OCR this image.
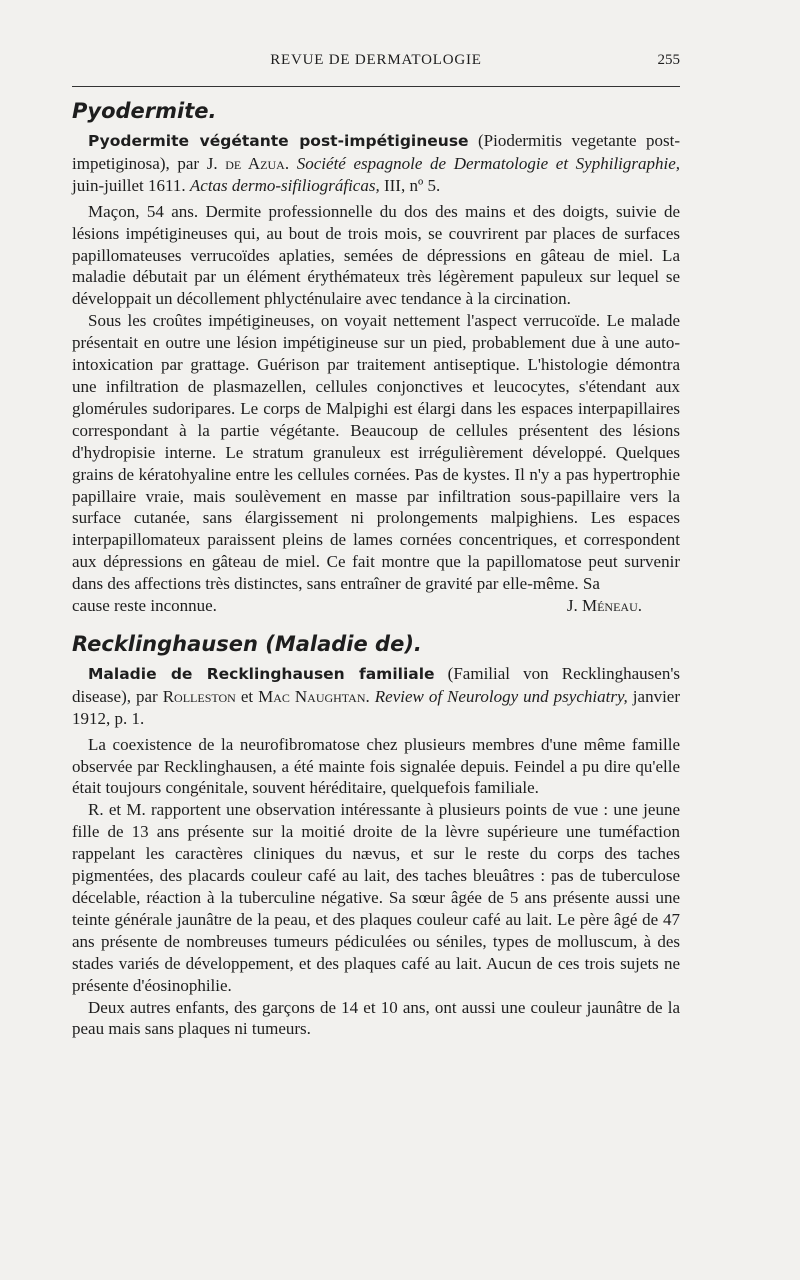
REVUE DE DERMATOLOGIE	255
Pyodermite.

Pyodermite végétante post-impétigineuse (Piodermitis vegetante post-impetiginosa), par J. de Azua. Société espagnole de Dermatologie et Syphiligraphie, juin-juillet 1611. Actas dermo-sifiliográficas, III, nº 5.

Maçon, 54 ans. Dermite professionnelle du dos des mains et des doigts, suivie de lésions impétigineuses qui, au bout de trois mois, se couvrirent par places de surfaces papillomateuses verrucoïdes aplaties, semées de dépressions en gâteau de miel. La maladie débutait par un élément érythémateux très légèrement papuleux sur lequel se développait un décollement phlycténulaire avec tendance à la circination.

Sous les croûtes impétigineuses, on voyait nettement l'aspect verrucoïde. Le malade présentait en outre une lésion impétigineuse sur un pied, probablement due à une auto-intoxication par grattage. Guérison par traitement antiseptique. L'histologie démontra une infiltration de plasmazellen, cellules conjonctives et leucocytes, s'étendant aux glomérules sudoripares. Le corps de Malpighi est élargi dans les espaces interpapillaires correspondant à la partie végétante. Beaucoup de cellules présentent des lésions d'hydropisie interne. Le stratum granuleux est irrégulièrement développé. Quelques grains de kératohyaline entre les cellules cornées. Pas de kystes. Il n'y a pas hypertrophie papillaire vraie, mais soulèvement en masse par infiltration sous-papillaire vers la surface cutanée, sans élargissement ni prolongements malpighiens. Les espaces interpapillomateux paraissent pleins de lames cornées concentriques, et correspondent aux dépressions en gâteau de miel. Ce fait montre que la papillomatose peut survenir dans des affections très distinctes, sans entraîner de gravité par elle-même. Sa

cause reste inconnue.	J. Méneau.
Recklinghausen (Maladie de).

Maladie de Recklinghausen familiale (Familial von Recklinghausen's disease), par Rolleston et Mac Naughtan. Review of Neurology und psychiatry, janvier 1912, p. 1.

La coexistence de la neurofibromatose chez plusieurs membres d'une même famille observée par Recklinghausen, a été mainte fois signalée depuis. Feindel a pu dire qu'elle était toujours congénitale, souvent héréditaire, quelquefois familiale.

R. et M. rapportent une observation intéressante à plusieurs points de vue : une jeune fille de 13 ans présente sur la moitié droite de la lèvre supérieure une tuméfaction rappelant les caractères cliniques du nævus, et sur le reste du corps des taches pigmentées, des placards couleur café au lait, des taches bleuâtres : pas de tuberculose décelable, réaction à la tuberculine négative. Sa sœur âgée de 5 ans présente aussi une teinte générale jaunâtre de la peau, et des plaques couleur café au lait. Le père âgé de 47 ans présente de nombreuses tumeurs pédiculées ou séniles, types de molluscum, à des stades variés de développement, et des plaques café au lait. Aucun de ces trois sujets ne présente d'éosinophilie.

Deux autres enfants, des garçons de 14 et 10 ans, ont aussi une couleur jaunâtre de la peau mais sans plaques ni tumeurs.
